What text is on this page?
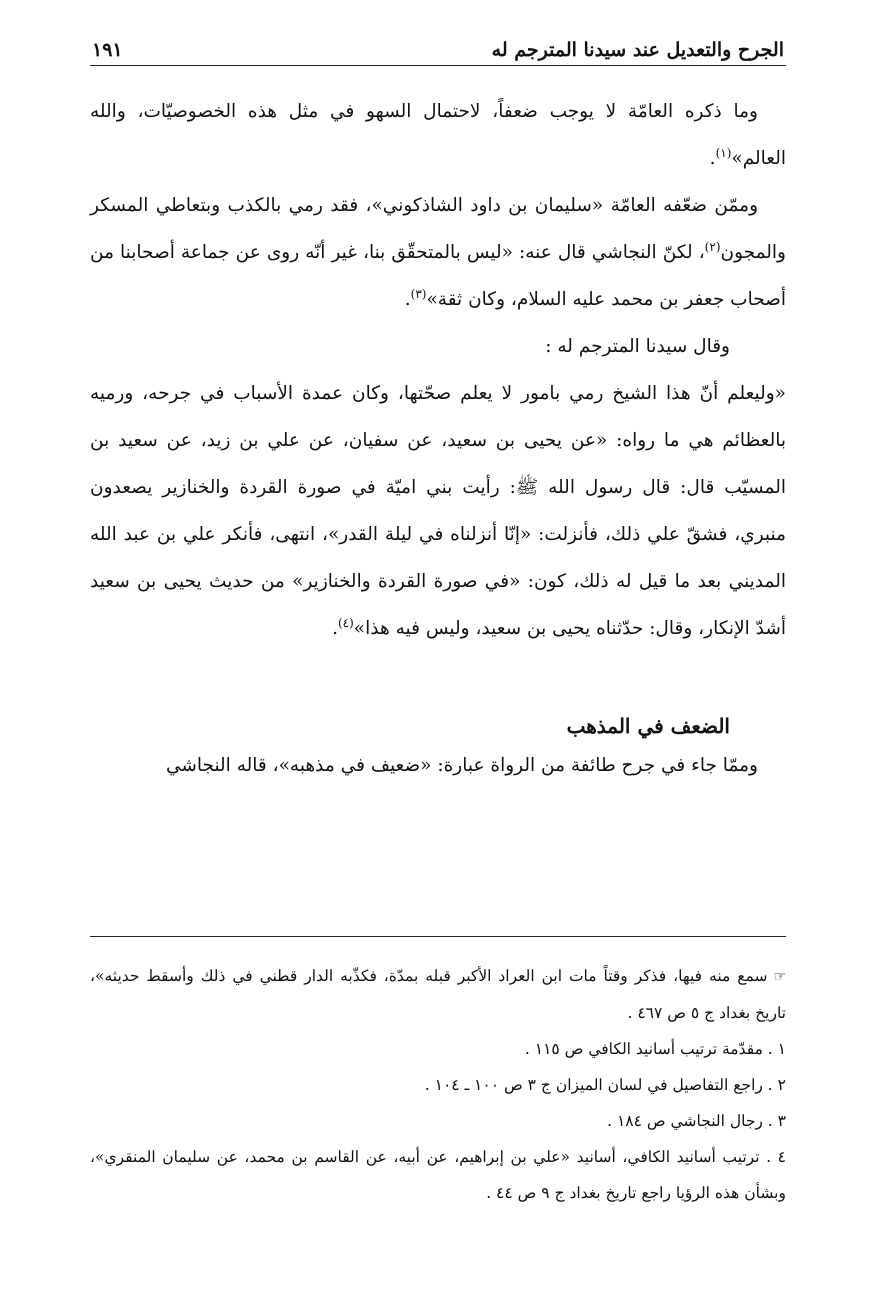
الجرح والتعديل عند سيدنا المترجم له
١٩١

وما ذكره العامّة لا يوجب ضعفاً، لاحتمال السهو في مثل هذه الخصوصيّات، والله العالم»$^{(١)}$.

وممّن ضعّفه العامّة «سليمان بن داود الشاذكوني»، فقد رمي بالكذب وبتعاطي المسكر والمجون$^{(٢)}$، لكنّ النجاشي قال عنه: «ليس بالمتحقّق بنا، غير أنّه روى عن جماعة أصحابنا من أصحاب جعفر بن محمد عليه السلام، وكان ثقة»$^{(٣)}$.

وقال سيدنا المترجم له :

«وليعلم أنّ هذا الشيخ رمي بامور لا يعلم صحّتها، وكان عمدة الأسباب في جرحه، ورميه بالعظائم هي ما رواه: «عن يحيى بن سعيد، عن سفيان، عن علي بن زيد، عن سعيد بن المسيّب قال: قال رسول الله ﷺ: رأيت بني اميّة في صورة القردة والخنازير يصعدون منبري، فشقّ علي ذلك، فأنزلت: «إنّا أنزلناه في ليلة القدر»، انتهى، فأنكر علي بن عبد الله المديني بعد ما قيل له ذلك، كون: «في صورة القردة والخنازير» من حديث يحيى بن سعيد أشدّ الإنكار، وقال: حدّثناه يحيى بن سعيد، وليس فيه هذا»$^{(٤)}$.

الضعف في المذهب

وممّا جاء في جرح طائفة من الرواة عبارة: «ضعيف في مذهبه»، قاله النجاشي

☞سمع منه فيها، فذكر وقتاً مات ابن العراد الأكبر قبله بمدّة، فكذّبه الدار قطني في ذلك وأسقط حديثه»، تاريخ بغداد ج ٥ ص ٤٦٧ .

١ . مقدّمة ترتيب أسانيد الكافي ص ١١٥ .

٢ . راجع التفاصيل في لسان الميزان ج ٣ ص ١٠٠ ـ ١٠٤ .

٣ . رجال النجاشي ص ١٨٤ .

٤ . ترتيب أسانيد الكافي، أسانيد «علي بن إبراهيم، عن أبيه، عن القاسم بن محمد، عن سليمان المنقري»، وبشأن هذه الرؤيا راجع تاريخ بغداد ج ٩ ص ٤٤ .
